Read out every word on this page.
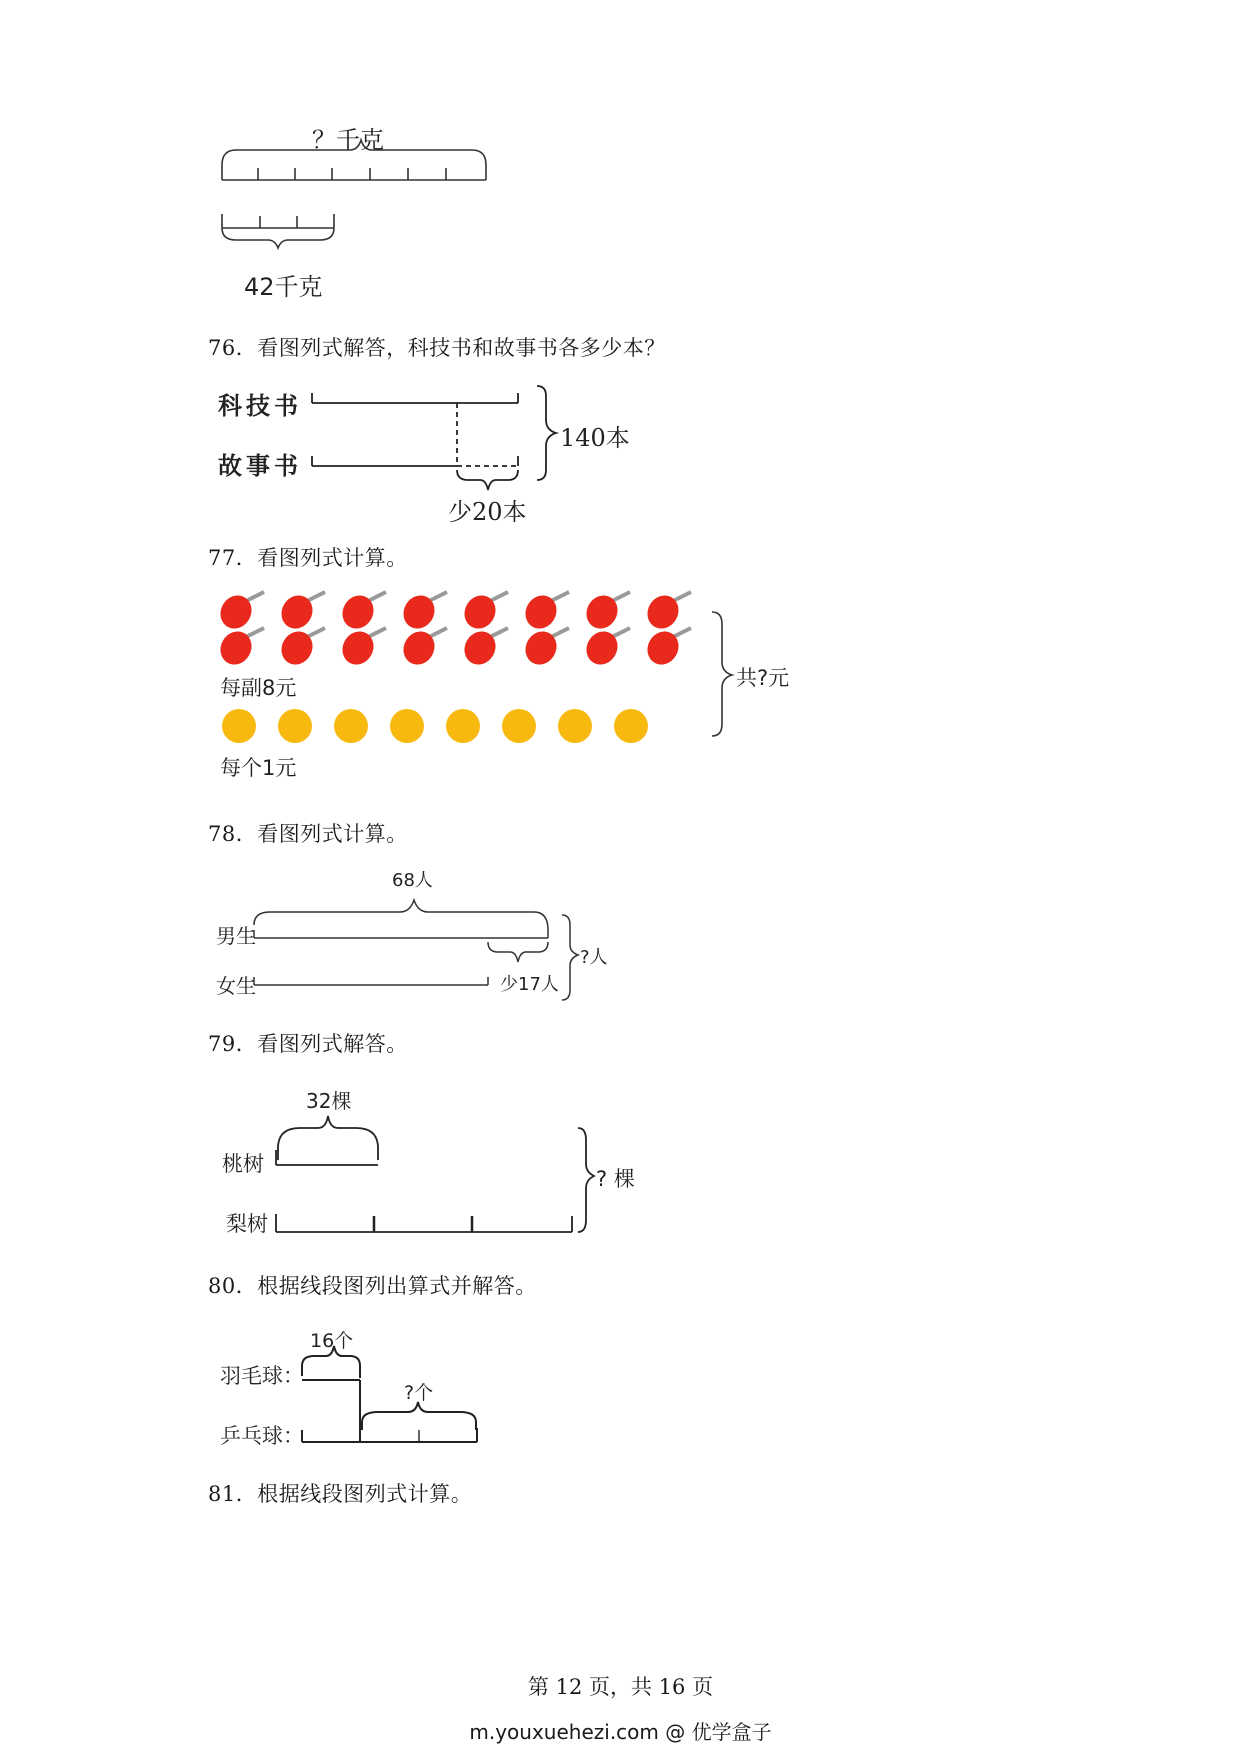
？千克
42千克
76．看图列式解答，科技书和故事书各多少本？
科技书
故事书
140本
少20本
77．看图列式计算。
每副8元
每个1元
共?元
78．看图列式计算。
68人
男生
女生	少17人
?人
79．看图列式解答。
32棵
桃树
梨树
? 棵
80．根据线段图列出算式并解答。
16个
羽毛球：
?个
乒乓球：
81．根据线段图列式计算。
第 12 页，共 16 页
m.youxuehezi.com @ 优学盒子
